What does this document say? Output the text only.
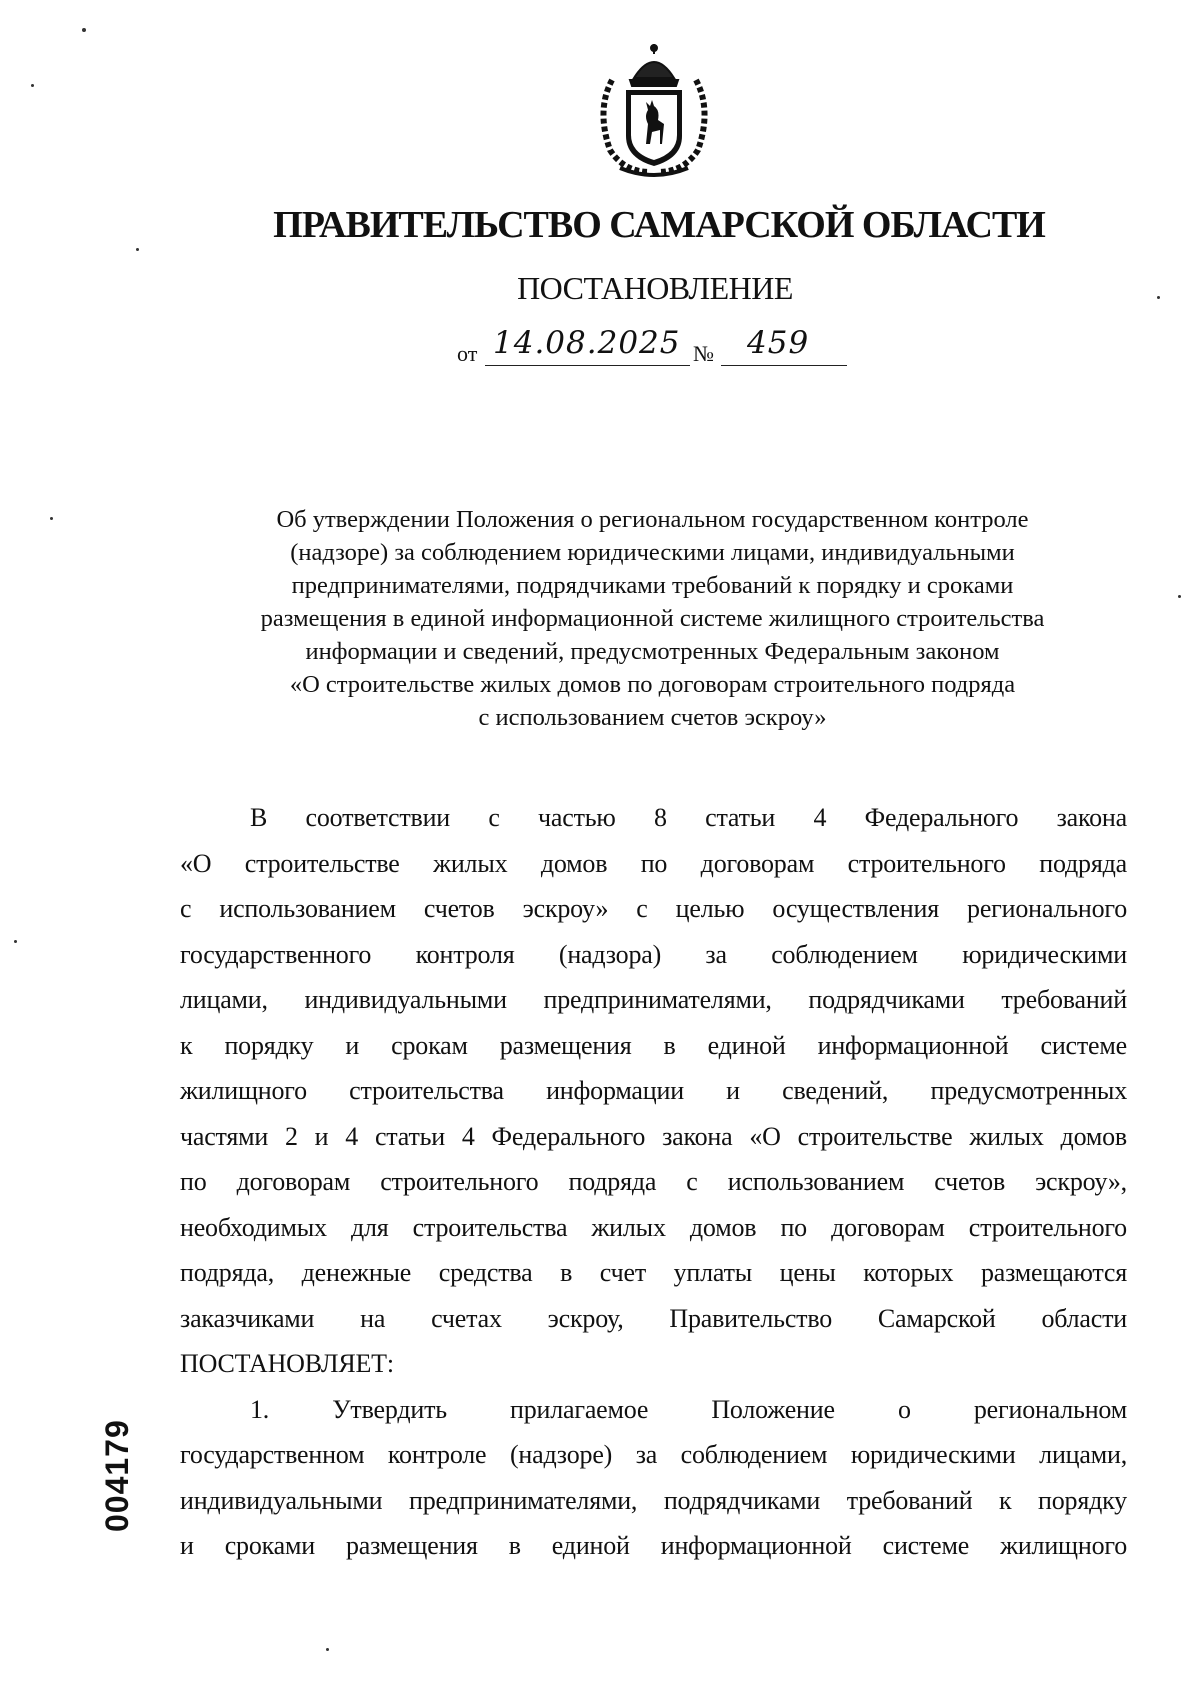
ПРАВИТЕЛЬСТВО САМАРСКОЙ ОБЛАСТИ
ПОСТАНОВЛЕНИЕ
от 14.08.2025 № 459
Об утверждении Положения о региональном государственном контроле
(надзоре) за соблюдением юридическими лицами, индивидуальными
предпринимателями, подрядчиками требований к порядку и сроками
размещения в единой информационной системе жилищного строительства
информации и сведений, предусмотренных Федеральным законом
«О строительстве жилых домов по договорам строительного подряда
с использованием счетов эскроу»
В соответствии с частью 8 статьи 4 Федерального закона
«О строительстве жилых домов по договорам строительного подряда
с использованием счетов эскроу» с целью осуществления регионального
государственного контроля (надзора) за соблюдением юридическими
лицами, индивидуальными предпринимателями, подрядчиками требований
к порядку и срокам размещения в единой информационной системе
жилищного строительства информации и сведений, предусмотренных
частями 2 и 4 статьи 4 Федерального закона «О строительстве жилых домов
по договорам строительного подряда с использованием счетов эскроу»,
необходимых для строительства жилых домов по договорам строительного
подряда, денежные средства в счет уплаты цены которых размещаются
заказчиками на счетах эскроу, Правительство Самарской области
ПОСТАНОВЛЯЕТ:
1. Утвердить прилагаемое Положение о региональном
государственном контроле (надзоре) за соблюдением юридическими лицами,
индивидуальными предпринимателями, подрядчиками требований к порядку
и сроками размещения в единой информационной системе жилищного
004179
